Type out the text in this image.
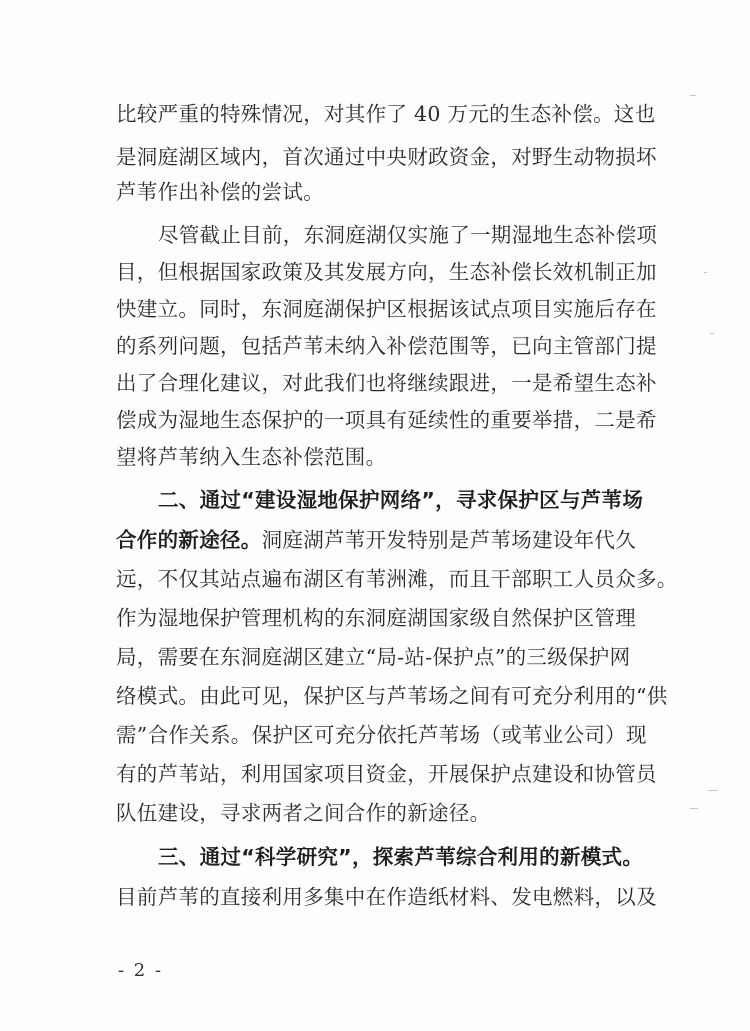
比较严重的特殊情况，对其作了 40 万元的生态补偿。这也
是洞庭湖区域内，首次通过中央财政资金，对野生动物损坏
芦苇作出补偿的尝试。
尽管截止目前，东洞庭湖仅实施了一期湿地生态补偿项
目，但根据国家政策及其发展方向，生态补偿长效机制正加
快建立。同时，东洞庭湖保护区根据该试点项目实施后存在
的系列问题，包括芦苇未纳入补偿范围等，已向主管部门提
出了合理化建议，对此我们也将继续跟进，一是希望生态补
偿成为湿地生态保护的一项具有延续性的重要举措，二是希
望将芦苇纳入生态补偿范围。
二、通过“建设湿地保护网络”，寻求保护区与芦苇场
合作的新途径。洞庭湖芦苇开发特别是芦苇场建设年代久
远，不仅其站点遍布湖区有苇洲滩，而且干部职工人员众多。
作为湿地保护管理机构的东洞庭湖国家级自然保护区管理
局，需要在东洞庭湖区建立“局-站-保护点”的三级保护网
络模式。由此可见，保护区与芦苇场之间有可充分利用的“供
需”合作关系。保护区可充分依托芦苇场（或苇业公司）现
有的芦苇站，利用国家项目资金，开展保护点建设和协管员
队伍建设，寻求两者之间合作的新途径。
三、通过“科学研究”，探索芦苇综合利用的新模式。
目前芦苇的直接利用多集中在作造纸材料、发电燃料，以及
- 2 -
